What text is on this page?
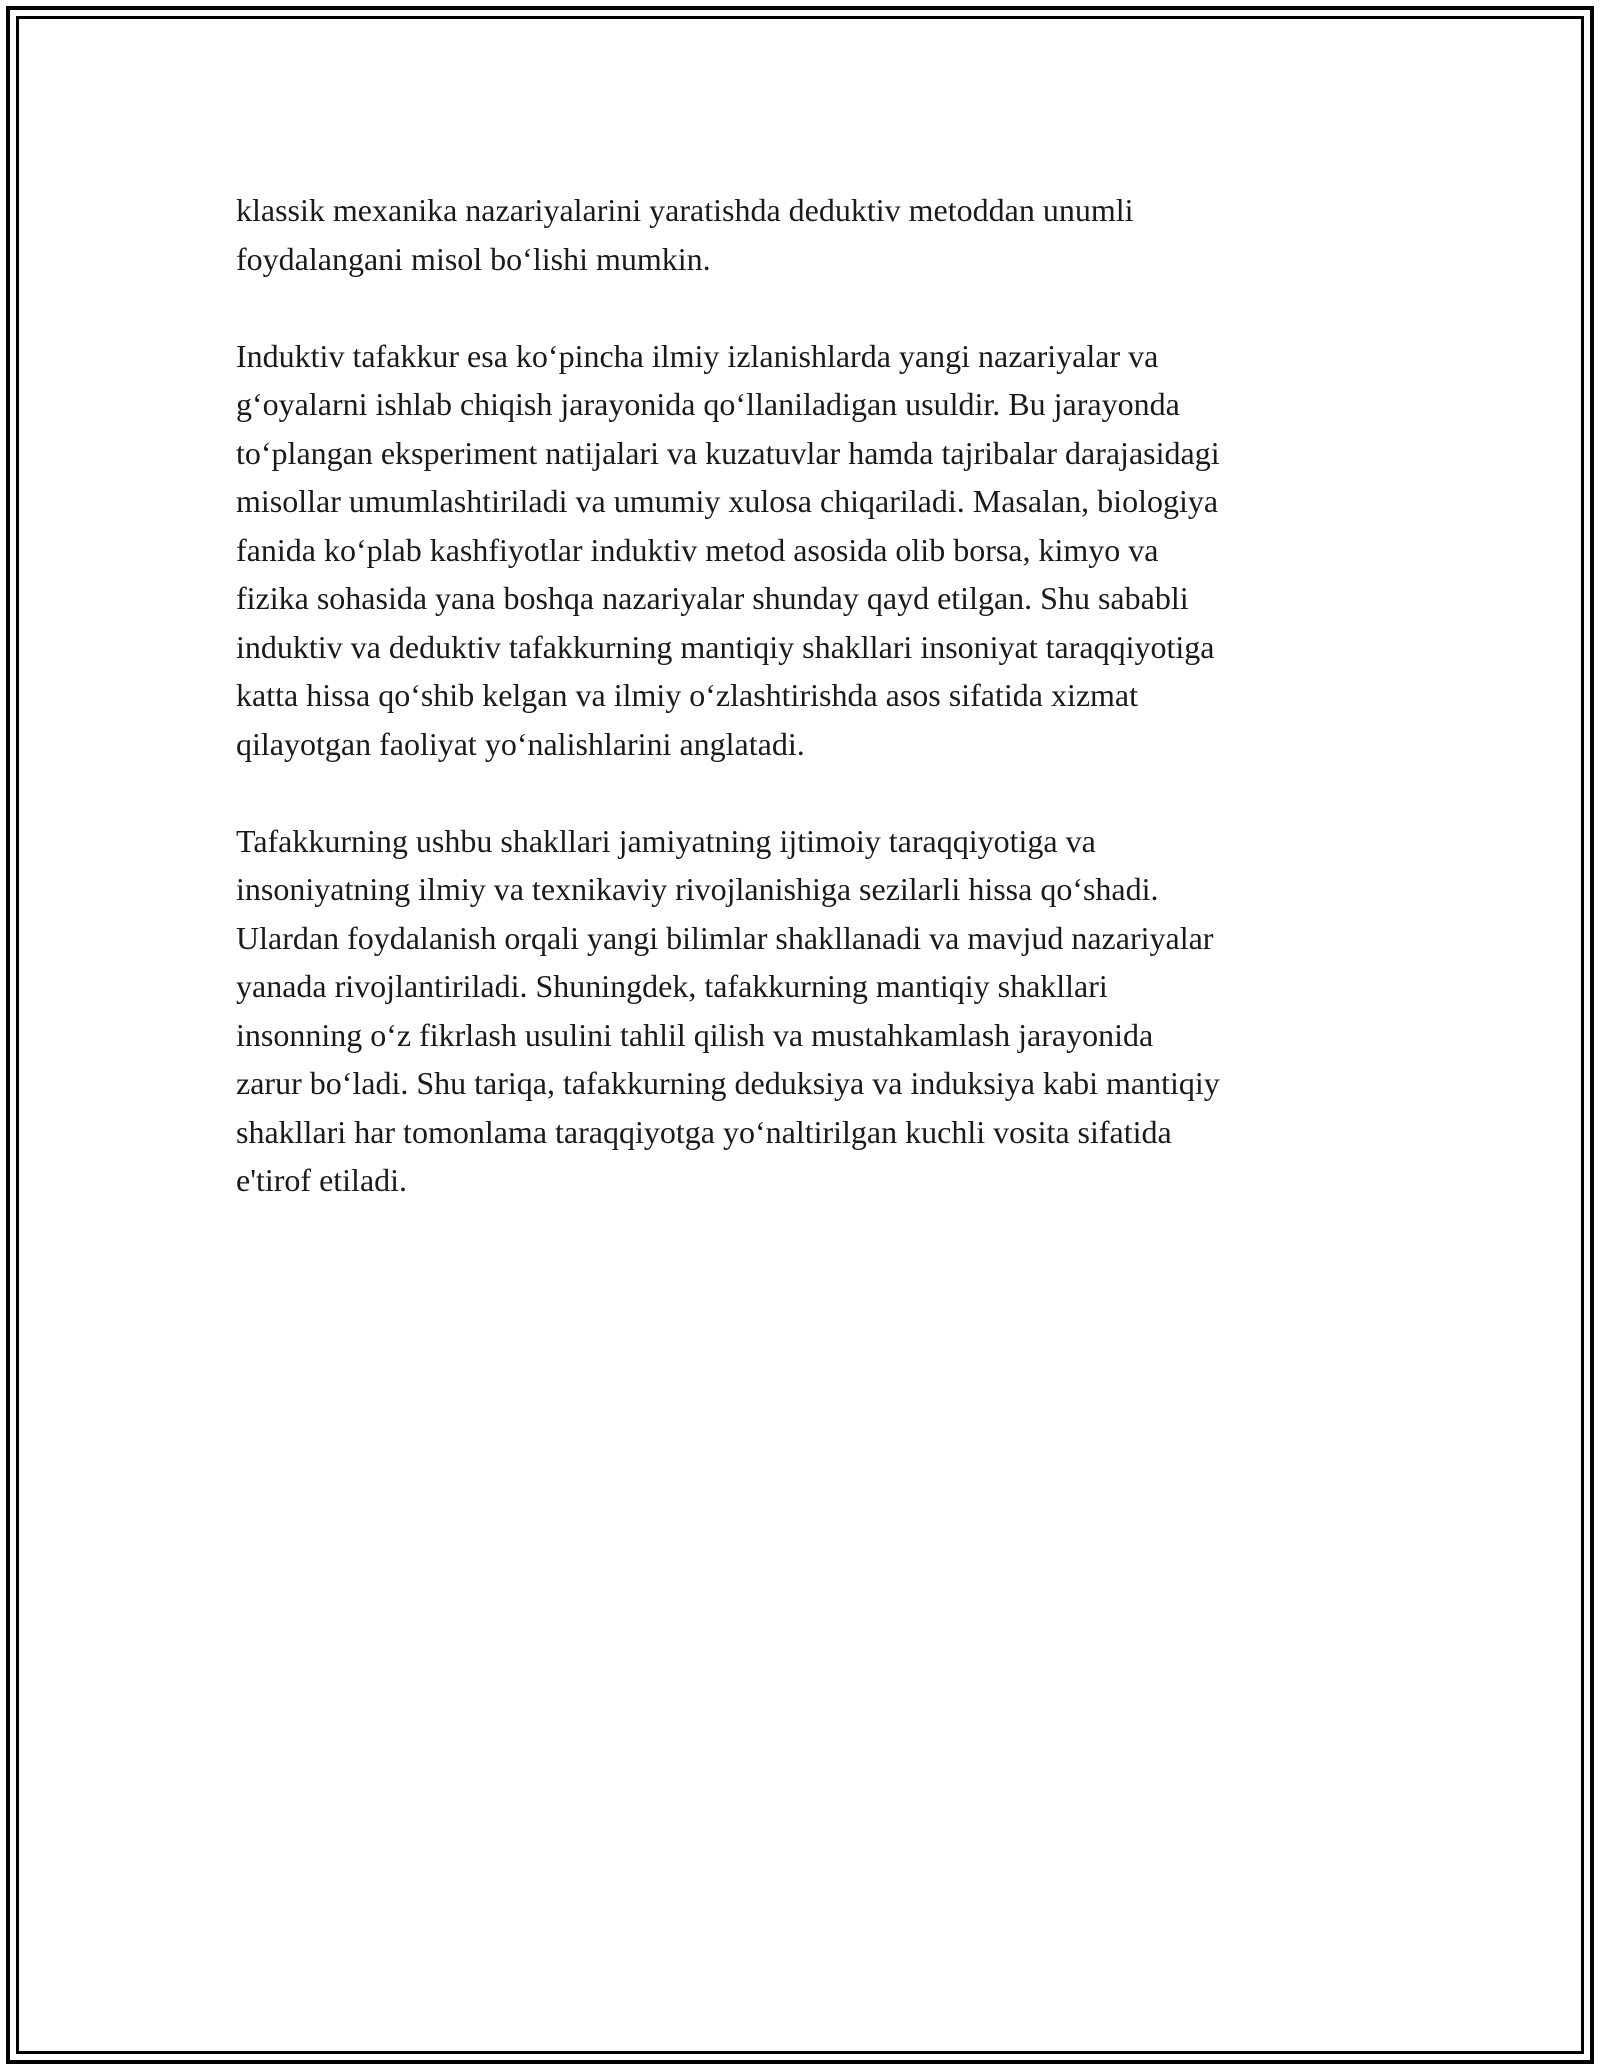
klassik mexanika nazariyalarini yaratishda deduktiv metoddan unumli
foydalangani misol bo‘lishi mumkin.

Induktiv tafakkur esa ko‘pincha ilmiy izlanishlarda yangi nazariyalar va
g‘oyalarni ishlab chiqish jarayonida qo‘llaniladigan usuldir. Bu jarayonda
to‘plangan eksperiment natijalari va kuzatuvlar hamda tajribalar darajasidagi
misollar umumlashtiriladi va umumiy xulosa chiqariladi. Masalan, biologiya
fanida ko‘plab kashfiyotlar induktiv metod asosida olib borsa, kimyo va
fizika sohasida yana boshqa nazariyalar shunday qayd etilgan. Shu sababli
induktiv va deduktiv tafakkurning mantiqiy shakllari insoniyat taraqqiyotiga
katta hissa qo‘shib kelgan va ilmiy o‘zlashtirishda asos sifatida xizmat
qilayotgan faoliyat yo‘nalishlarini anglatadi.

Tafakkurning ushbu shakllari jamiyatning ijtimoiy taraqqiyotiga va
insoniyatning ilmiy va texnikaviy rivojlanishiga sezilarli hissa qo‘shadi.
Ulardan foydalanish orqali yangi bilimlar shakllanadi va mavjud nazariyalar
yanada rivojlantiriladi. Shuningdek, tafakkurning mantiqiy shakllari
insonning o‘z fikrlash usulini tahlil qilish va mustahkamlash jarayonida
zarur bo‘ladi. Shu tariqa, tafakkurning deduksiya va induksiya kabi mantiqiy
shakllari har tomonlama taraqqiyotga yo‘naltirilgan kuchli vosita sifatida
e'tirof etiladi.
